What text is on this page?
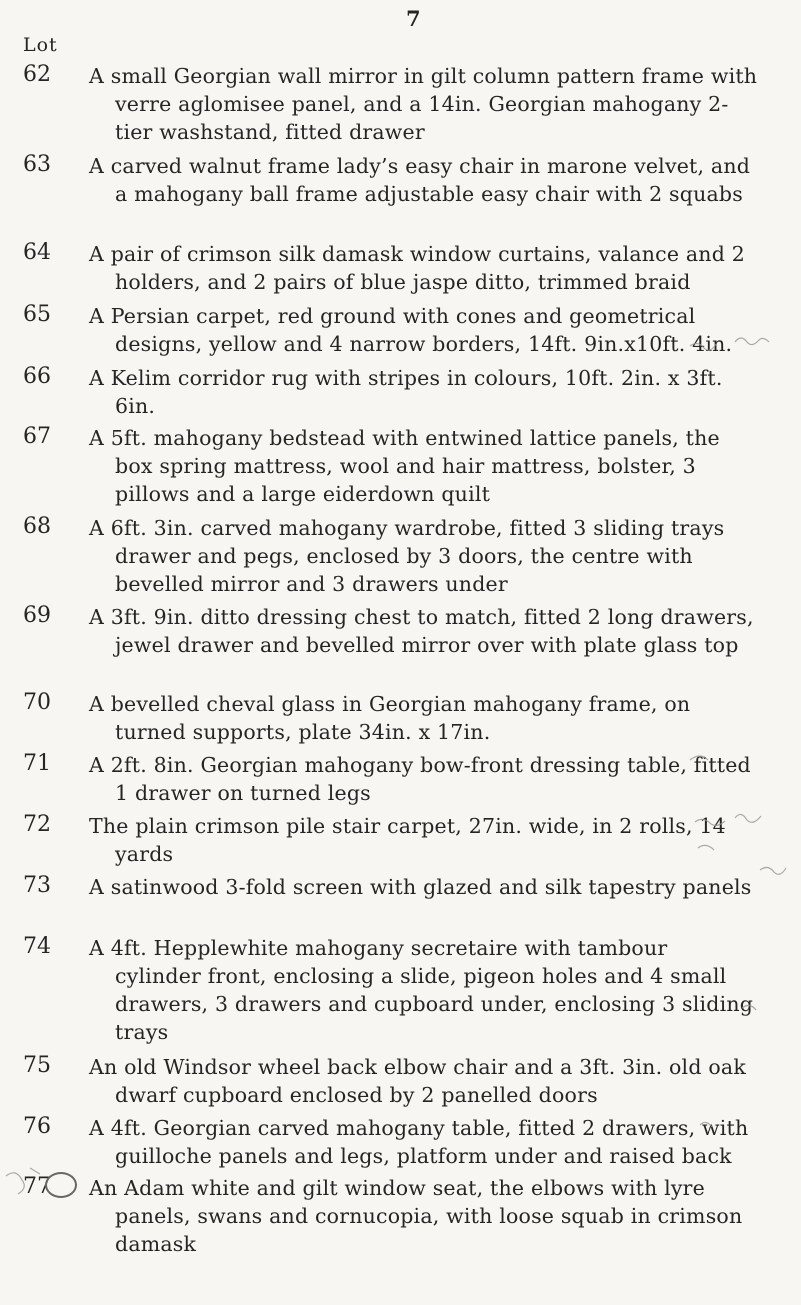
7
Lot
62	A small Georgian wall mirror in gilt column pattern frame with verre aglomisee panel, and a 14in. Georgian mahogany 2-tier washstand, fitted drawer
63	A carved walnut frame lady’s easy chair in marone velvet, and a mahogany ball frame adjustable easy chair with 2 squabs
64	A pair of crimson silk damask window curtains, valance and 2 holders, and 2 pairs of blue jaspe ditto, trimmed braid
65	A Persian carpet, red ground with cones and geometrical designs, yellow and 4 narrow borders, 14ft. 9in.x10ft. 4in.
66	A Kelim corridor rug with stripes in colours, 10ft. 2in. x 3ft. 6in.
67	A 5ft. mahogany bedstead with entwined lattice panels, the box spring mattress, wool and hair mattress, bolster, 3 pillows and a large eiderdown quilt
68	A 6ft. 3in. carved mahogany wardrobe, fitted 3 sliding trays drawer and pegs, enclosed by 3 doors, the centre with bevelled mirror and 3 drawers under
69	A 3ft. 9in. ditto dressing chest to match, fitted 2 long drawers, jewel drawer and bevelled mirror over with plate glass top
70	A bevelled cheval glass in Georgian mahogany frame, on turned supports, plate 34in. x 17in.
71	A 2ft. 8in. Georgian mahogany bow-front dressing table, fitted 1 drawer on turned legs
72	The plain crimson pile stair carpet, 27in. wide, in 2 rolls, 14 yards
73	A satinwood 3-fold screen with glazed and silk tapestry panels
74	A 4ft. Hepplewhite mahogany secretaire with tambour cylinder front, enclosing a slide, pigeon holes and 4 small drawers, 3 drawers and cupboard under, enclosing 3 sliding trays
75	An old Windsor wheel back elbow chair and a 3ft. 3in. old oak dwarf cupboard enclosed by 2 panelled doors
76	A 4ft. Georgian carved mahogany table, fitted 2 drawers, with guilloche panels and legs, platform under and raised back
77	An Adam white and gilt window seat, the elbows with lyre panels, swans and cornucopia, with loose squab in crimson damask
